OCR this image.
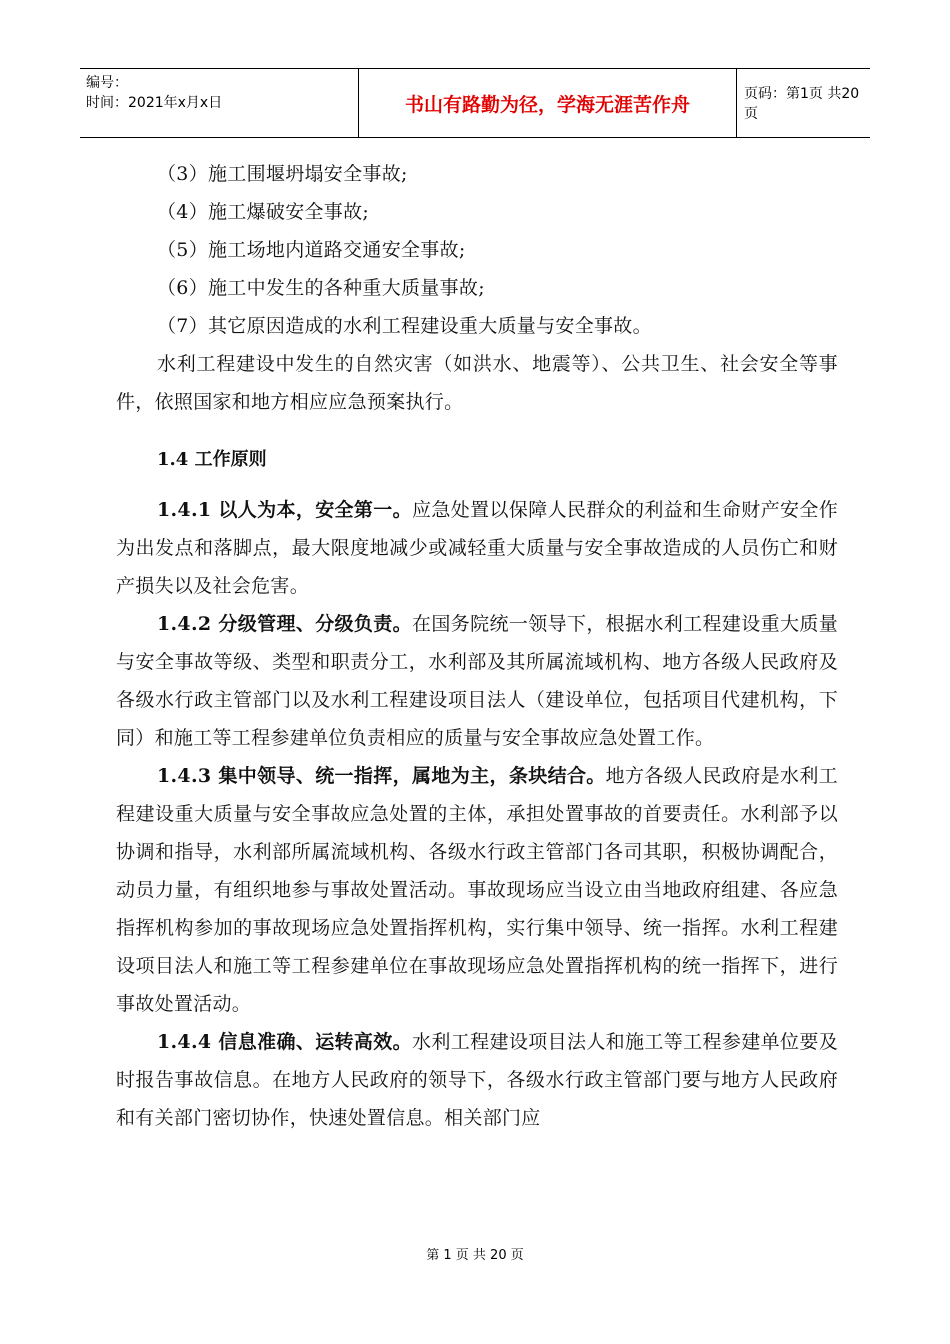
编号：
时间：2021年x月x日	书山有路勤为径，学海无涯苦作舟	页码：第1页 共20页

（3）施工围堰坍塌安全事故;

（4）施工爆破安全事故;

（5）施工场地内道路交通安全事故;

（6）施工中发生的各种重大质量事故;

（7）其它原因造成的水利工程建设重大质量与安全事故。

水利工程建设中发生的自然灾害（如洪水、地震等）、公共卫生、社会安全等事件，依照国家和地方相应应急预案执行。

1.4 工作原则

1.4.1 以人为本，安全第一。应急处置以保障人民群众的利益和生命财产安全作为出发点和落脚点，最大限度地减少或减轻重大质量与安全事故造成的人员伤亡和财产损失以及社会危害。

1.4.2 分级管理、分级负责。在国务院统一领导下，根据水利工程建设重大质量与安全事故等级、类型和职责分工，水利部及其所属流域机构、地方各级人民政府及各级水行政主管部门以及水利工程建设项目法人（建设单位，包括项目代建机构，下同）和施工等工程参建单位负责相应的质量与安全事故应急处置工作。

1.4.3 集中领导、统一指挥，属地为主，条块结合。地方各级人民政府是水利工程建设重大质量与安全事故应急处置的主体，承担处置事故的首要责任。水利部予以协调和指导，水利部所属流域机构、各级水行政主管部门各司其职，积极协调配合，动员力量，有组织地参与事故处置活动。事故现场应当设立由当地政府组建、各应急指挥机构参加的事故现场应急处置指挥机构，实行集中领导、统一指挥。水利工程建设项目法人和施工等工程参建单位在事故现场应急处置指挥机构的统一指挥下，进行事故处置活动。

1.4.4 信息准确、运转高效。水利工程建设项目法人和施工等工程参建单位要及时报告事故信息。在地方人民政府的领导下，各级水行政主管部门要与地方人民政府和有关部门密切协作，快速处置信息。相关部门应

第 1 页 共 20 页
